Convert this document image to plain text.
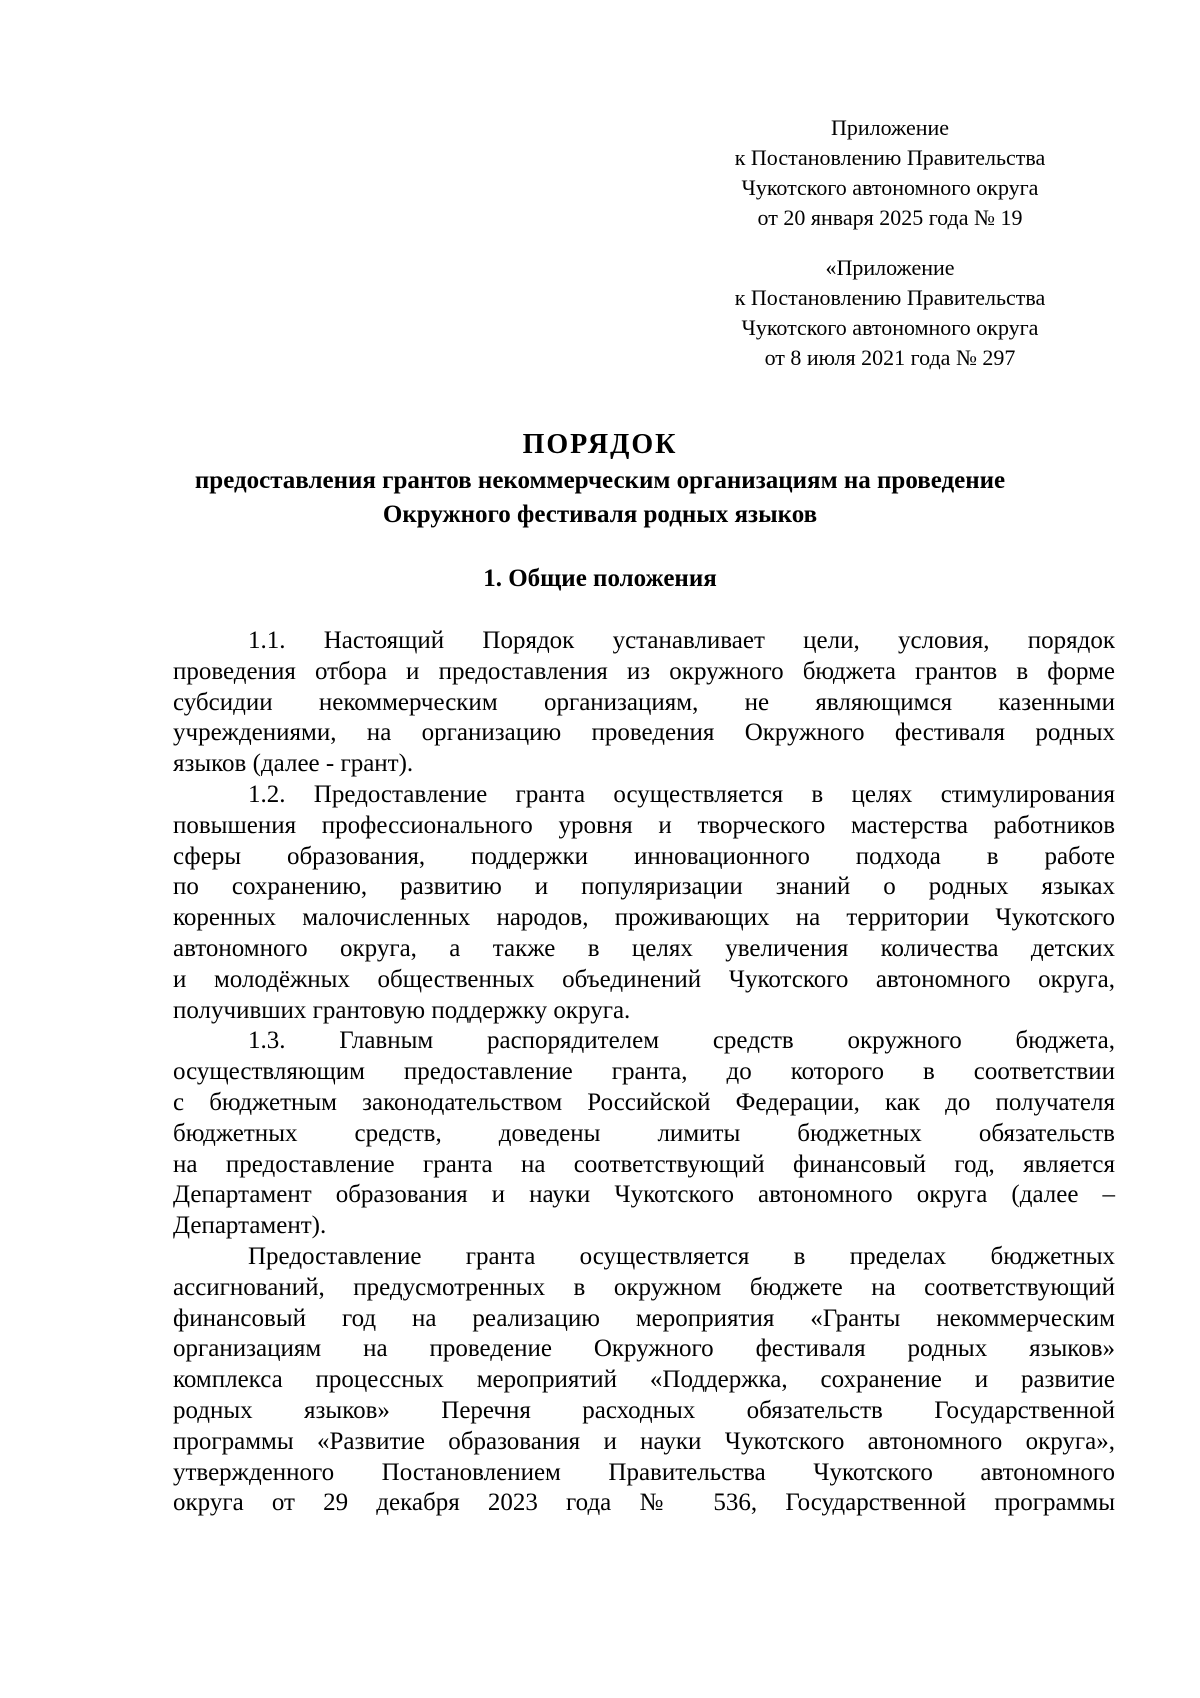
Приложение
к Постановлению Правительства
Чукотского автономного округа
от 20 января 2025 года № 19
«Приложение
к Постановлению Правительства
Чукотского автономного округа
от 8 июля 2021 года № 297
ПОРЯДОК
предоставления грантов некоммерческим организациям на проведение
Окружного фестиваля родных языков
1. Общие положения
1.1. Настоящий Порядок устанавливает цели, условия, порядок
проведения отбора и предоставления из окружного бюджета грантов в форме
субсидии некоммерческим организациям, не являющимся казенными
учреждениями, на организацию проведения Окружного фестиваля родных
языков (далее - грант).
1.2. Предоставление гранта осуществляется в целях стимулирования
повышения профессионального уровня и творческого мастерства работников
сферы образования, поддержки инновационного подхода в работе
по сохранению, развитию и популяризации знаний о родных языках
коренных малочисленных народов, проживающих на территории Чукотского
автономного округа, а также в целях увеличения количества детских
и молодёжных общественных объединений Чукотского автономного округа,
получивших грантовую поддержку округа.
1.3. Главным распорядителем средств окружного бюджета,
осуществляющим предоставление гранта, до которого в соответствии
с бюджетным законодательством Российской Федерации, как до получателя
бюджетных средств, доведены лимиты бюджетных обязательств
на предоставление гранта на соответствующий финансовый год, является
Департамент образования и науки Чукотского автономного округа (далее –
Департамент).
Предоставление гранта осуществляется в пределах бюджетных
ассигнований, предусмотренных в окружном бюджете на соответствующий
финансовый год на реализацию мероприятия «Гранты некоммерческим
организациям на проведение Окружного фестиваля родных языков»
комплекса процессных мероприятий «Поддержка, сохранение и развитие
родных языков» Перечня расходных обязательств Государственной
программы «Развитие образования и науки Чукотского автономного округа»,
утвержденного Постановлением Правительства Чукотского автономного
округа от 29 декабря 2023 года № 536, Государственной программы
